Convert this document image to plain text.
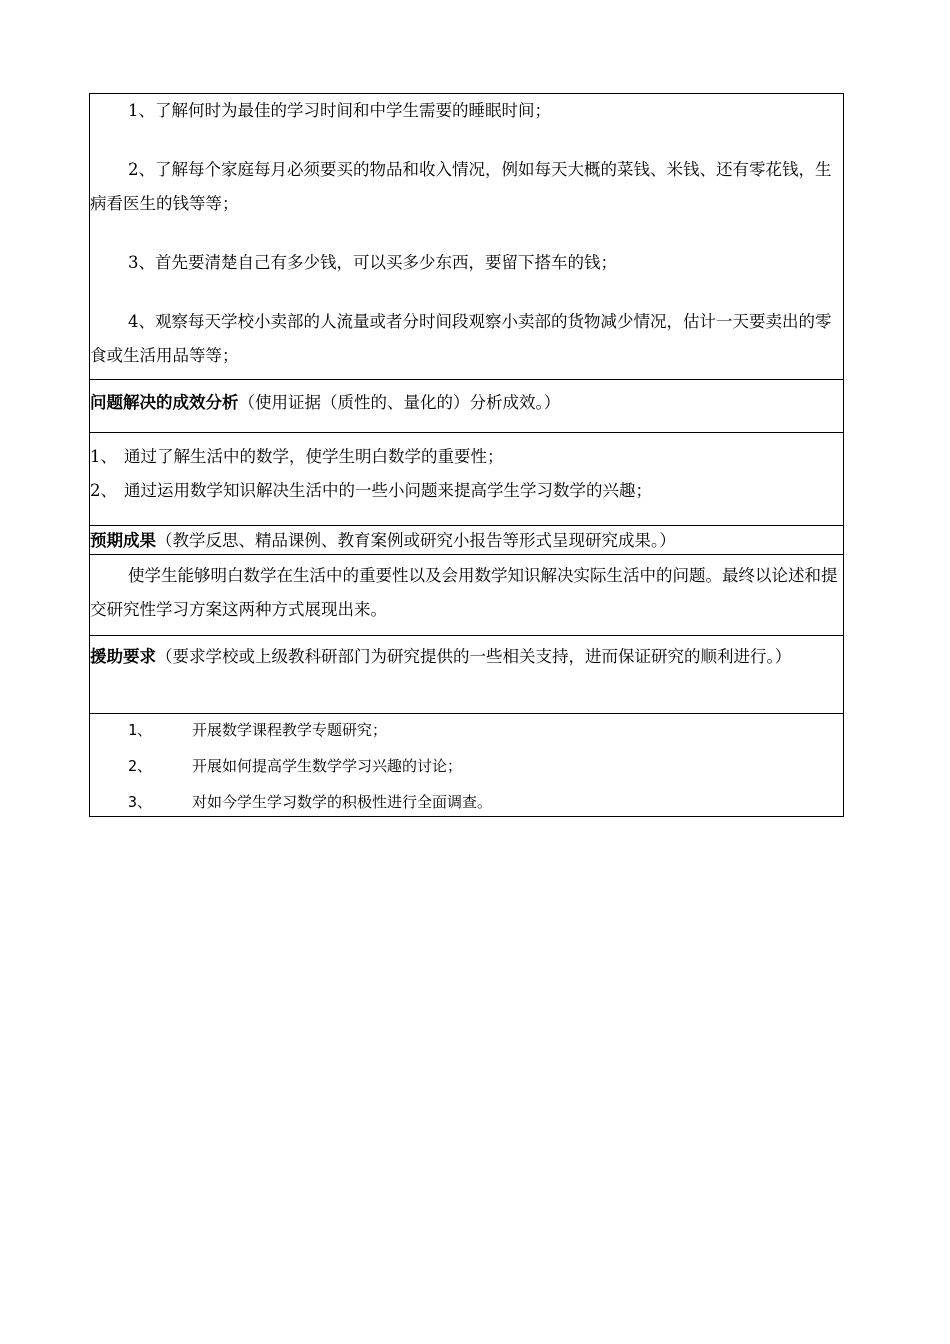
1、了解何时为最佳的学习时间和中学生需要的睡眠时间；

2、了解每个家庭每月必须要买的物品和收入情况，例如每天大概的菜钱、米钱、还有零花钱，生病看医生的钱等等；

3、首先要清楚自己有多少钱，可以买多少东西，要留下搭车的钱；

4、观察每天学校小卖部的人流量或者分时间段观察小卖部的货物减少情况，估计一天要卖出的零食或生活用品等等；

问题解决的成效分析（使用证据（质性的、量化的）分析成效。）

1、 通过了解生活中的数学，使学生明白数学的重要性；

2、 通过运用数学知识解决生活中的一些小问题来提高学生学习数学的兴趣；

预期成果（教学反思、精品课例、教育案例或研究小报告等形式呈现研究成果。）

使学生能够明白数学在生活中的重要性以及会用数学知识解决实际生活中的问题。最终以论述和提交研究性学习方案这两种方式展现出来。

援助要求（要求学校或上级教科研部门为研究提供的一些相关支持，进而保证研究的顺利进行。）

1、	开展数学课程教学专题研究；

2、	开展如何提高学生数学学习兴趣的讨论；

3、	对如今学生学习数学的积极性进行全面调查。
